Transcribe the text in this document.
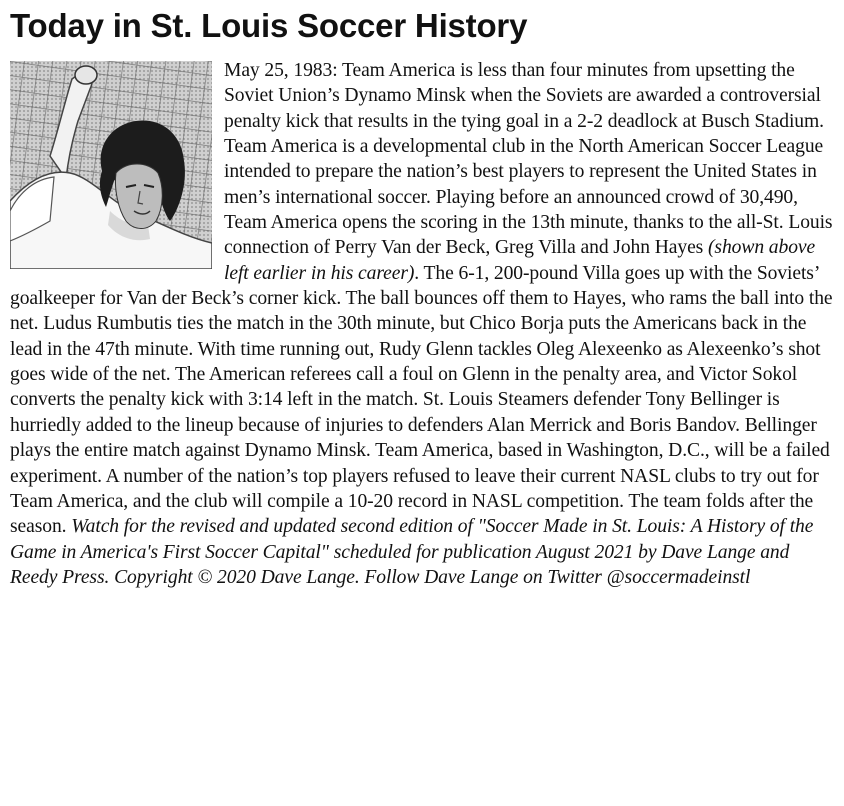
Today in St. Louis Soccer History
May 25, 1983: Team America is less than four minutes from upsetting the Soviet Union’s Dynamo Minsk when the Soviets are awarded a controversial penalty kick that results in the tying goal in a 2-2 deadlock at Busch Stadium. Team America is a developmental club in the North American Soccer League intended to prepare the nation’s best players to represent the United States in men’s international soccer. Playing before an announced crowd of 30,490, Team America opens the scoring in the 13th minute, thanks to the all-St. Louis connection of Perry Van der Beck, Greg Villa and John Hayes (shown above left earlier in his career). The 6-1, 200-pound Villa goes up with the Soviets’ goalkeeper for Van der Beck’s corner kick. The ball bounces off them to Hayes, who rams the ball into the net. Ludus Rumbutis ties the match in the 30th minute, but Chico Borja puts the Americans back in the lead in the 47th minute. With time running out, Rudy Glenn tackles Oleg Alexeenko as Alexeenko’s shot goes wide of the net. The American referees call a foul on Glenn in the penalty area, and Victor Sokol converts the penalty kick with 3:14 left in the match. St. Louis Steamers defender Tony Bellinger is hurriedly added to the lineup because of injuries to defenders Alan Merrick and Boris Bandov. Bellinger plays the entire match against Dynamo Minsk. Team America, based in Washington, D.C., will be a failed experiment. A number of the nation’s top players refused to leave their current NASL clubs to try out for Team America, and the club will compile a 10-20 record in NASL competition. The team folds after the season. Watch for the revised and updated second edition of "Soccer Made in St. Louis: A History of the Game in America's First Soccer Capital" scheduled for publication August 2021 by Dave Lange and Reedy Press. Copyright © 2020 Dave Lange. Follow Dave Lange on Twitter @soccermadeinstl
